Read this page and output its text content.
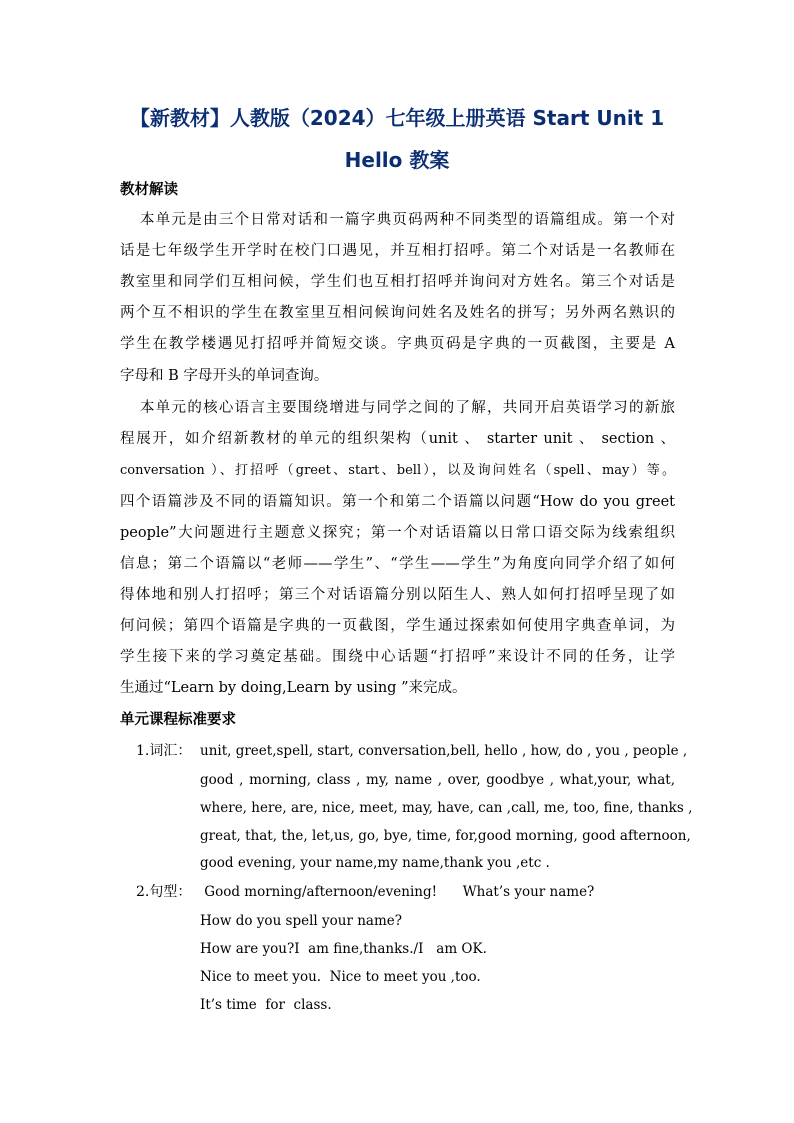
【新教材】人教版（2024）七年级上册英语 Start Unit 1
Hello 教案
教材解读
本单元是由三个日常对话和一篇字典页码两种不同类型的语篇组成。第一个对
话是七年级学生开学时在校门口遇见，并互相打招呼。第二个对话是一名教师在
教室里和同学们互相问候，学生们也互相打招呼并询问对方姓名。第三个对话是
两个互不相识的学生在教室里互相问候询问姓名及姓名的拼写；另外两名熟识的
学生在教学楼遇见打招呼并简短交谈。字典页码是字典的一页截图，主要是 A
字母和 B 字母开头的单词查询。
本单元的核心语言主要围绕增进与同学之间的了解，共同开启英语学习的新旅
程展开，如介绍新教材的单元的组织架构（unit 、 starter unit 、 section 、
conversation ）、打招呼（greet、start、bell），以及询问姓名（spell、may）等。
四个语篇涉及不同的语篇知识。第一个和第二个语篇以问题“How do you greet
people”大问题进行主题意义探究；第一个对话语篇以日常口语交际为线索组织
信息；第二个语篇以“老师——学生”、“学生——学生”为角度向同学介绍了如何
得体地和别人打招呼；第三个对话语篇分别以陌生人、熟人如何打招呼呈现了如
何问候；第四个语篇是字典的一页截图，学生通过探索如何使用字典查单词，为
学生接下来的学习奠定基础。围绕中心话题“打招呼”来设计不同的任务，让学
生通过“Learn by doing,Learn by using ”来完成。
单元课程标准要求
1.词汇： unit, greet,spell, start, conversation,bell, hello , how, do , you , people ,
good , morning, class , my, name , over, goodbye , what,your, what,
where, here, are, nice, meet, may, have, can ,call, me, too, fine, thanks ,
great, that, the, let,us, go, bye, time, for,good morning, good afternoon,
good evening, your name,my name,thank you ,etc .
2.句型： Good morning/afternoon/evening!      What’s your name?
How do you spell your name?
How are you?I  am fine,thanks./I   am OK.
Nice to meet you.  Nice to meet you ,too.
It’s time  for  class.
